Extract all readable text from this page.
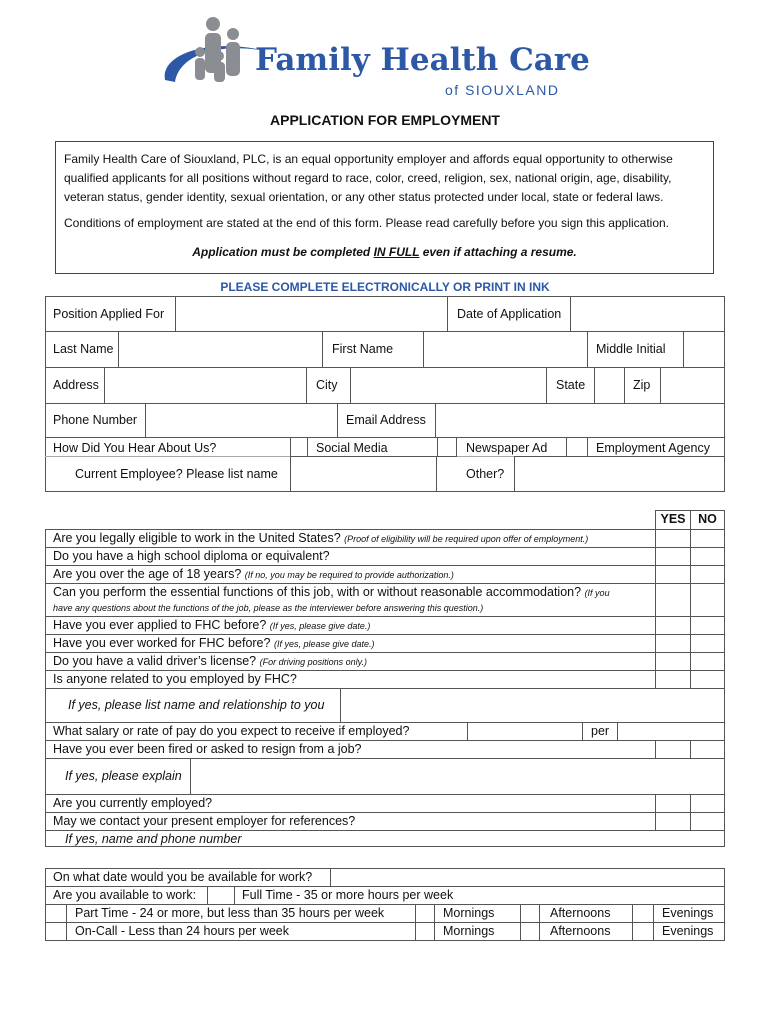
Family Health Care
of SIOUXLAND
APPLICATION FOR EMPLOYMENT
Family Health Care of Siouxland, PLC, is an equal opportunity employer and affords equal opportunity to otherwise qualified applicants for all positions without regard to race, color, creed, religion, sex, national origin, age, disability, veteran status, gender identity, sexual orientation, or any other status protected under local, state or federal laws.
Conditions of employment are stated at the end of this form. Please read carefully before you sign this application.
Application must be completed IN FULL even if attaching a resume.
PLEASE COMPLETE ELECTRONICALLY OR PRINT IN INK
Position Applied For	Date of Application
Last Name	First Name	Middle Initial
Address	City	State	Zip
Phone Number	Email Address
How Did You Hear About Us?	Social Media	Newspaper Ad	Employment Agency
Current Employee? Please list name	Other?
YES	NO
Are you legally eligible to work in the United States? (Proof of eligibility will be required upon offer of employment.)
Do you have a high school diploma or equivalent?
Are you over the age of 18 years? (If no, you may be required to provide authorization.)
Can you perform the essential functions of this job, with or without reasonable accommodation? (If you
have any questions about the functions of the job, please as the interviewer before answering this question.)
Have you ever applied to FHC before? (If yes, please give date.)
Have you ever worked for FHC before? (If yes, please give date.)
Do you have a valid driver’s license? (For driving positions only.)
Is anyone related to you employed by FHC?
If yes, please list name and relationship to you
What salary or rate of pay do you expect to receive if employed?	per
Have you ever been fired or asked to resign from a job?
If yes, please explain
Are you currently employed?
May we contact your present employer for references?
If yes, name and phone number
On what date would you be available for work?
Are you available to work:	Full Time - 35 or more hours per week
Part Time - 24 or more, but less than 35 hours per week	Mornings	Afternoons	Evenings
On-Call - Less than 24 hours per week	Mornings	Afternoons	Evenings
